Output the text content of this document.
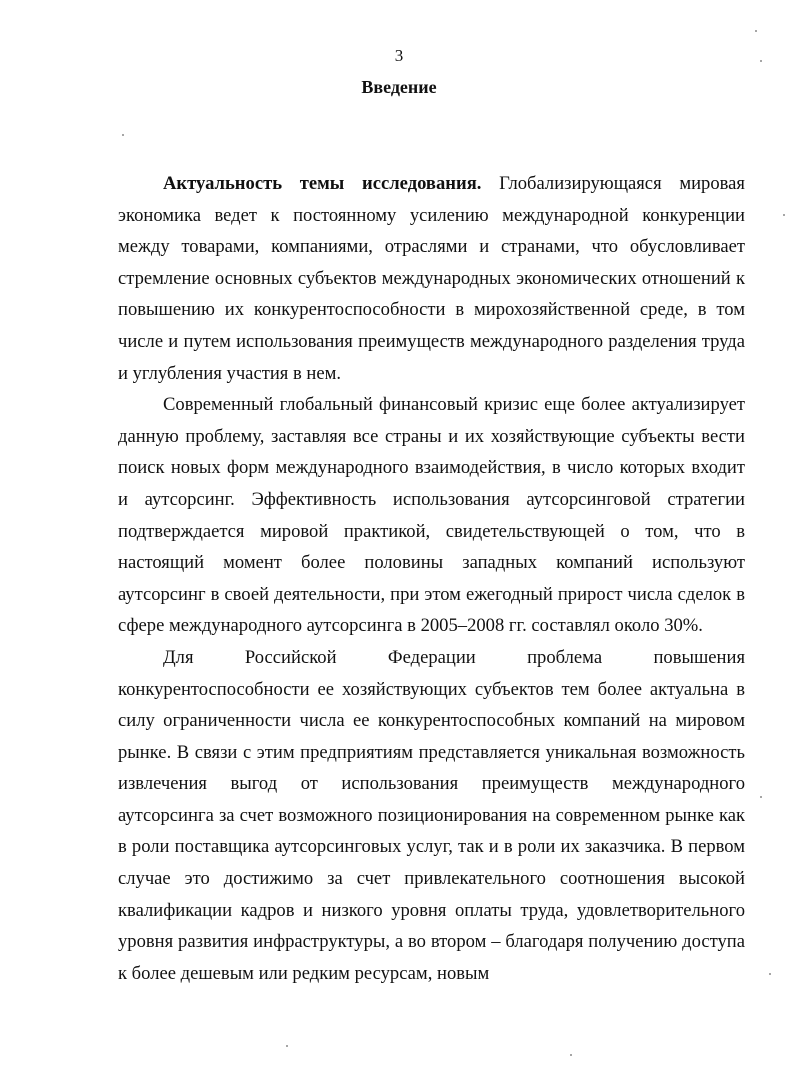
3
Введение

Актуальность темы исследования. Глобализирующаяся мировая экономика ведет к постоянному усилению международной конкуренции между товарами, компаниями, отраслями и странами, что обусловливает стремление основных субъектов международных экономических отношений к повышению их конкурентоспособности в мирохозяйственной среде, в том числе и путем использования преимуществ международного разделения труда и углубления участия в нем.

Современный глобальный финансовый кризис еще более актуализирует данную проблему, заставляя все страны и их хозяйствующие субъекты вести поиск новых форм международного взаимодействия, в число которых входит и аутсорсинг. Эффективность использования аутсорсинговой стратегии подтверждается мировой практикой, свидетельствующей о том, что в настоящий момент более половины западных компаний используют аутсорсинг в своей деятельности, при этом ежегодный прирост числа сделок в сфере международного аутсорсинга в 2005–2008 гг. составлял около 30%.

Для Российской Федерации проблема повышения конкурентоспособности ее хозяйствующих субъектов тем более актуальна в силу ограниченности числа ее конкурентоспособных компаний на мировом рынке. В связи с этим предприятиям представляется уникальная возможность извлечения выгод от использования преимуществ международного аутсорсинга за счет возможного позиционирования на современном рынке как в роли поставщика аутсорсинговых услуг, так и в роли их заказчика. В первом случае это достижимо за счет привлекательного соотношения высокой квалификации кадров и низкого уровня оплаты труда, удовлетворительного уровня развития инфраструктуры, а во втором – благодаря получению доступа к более дешевым или редким ресурсам, новым
